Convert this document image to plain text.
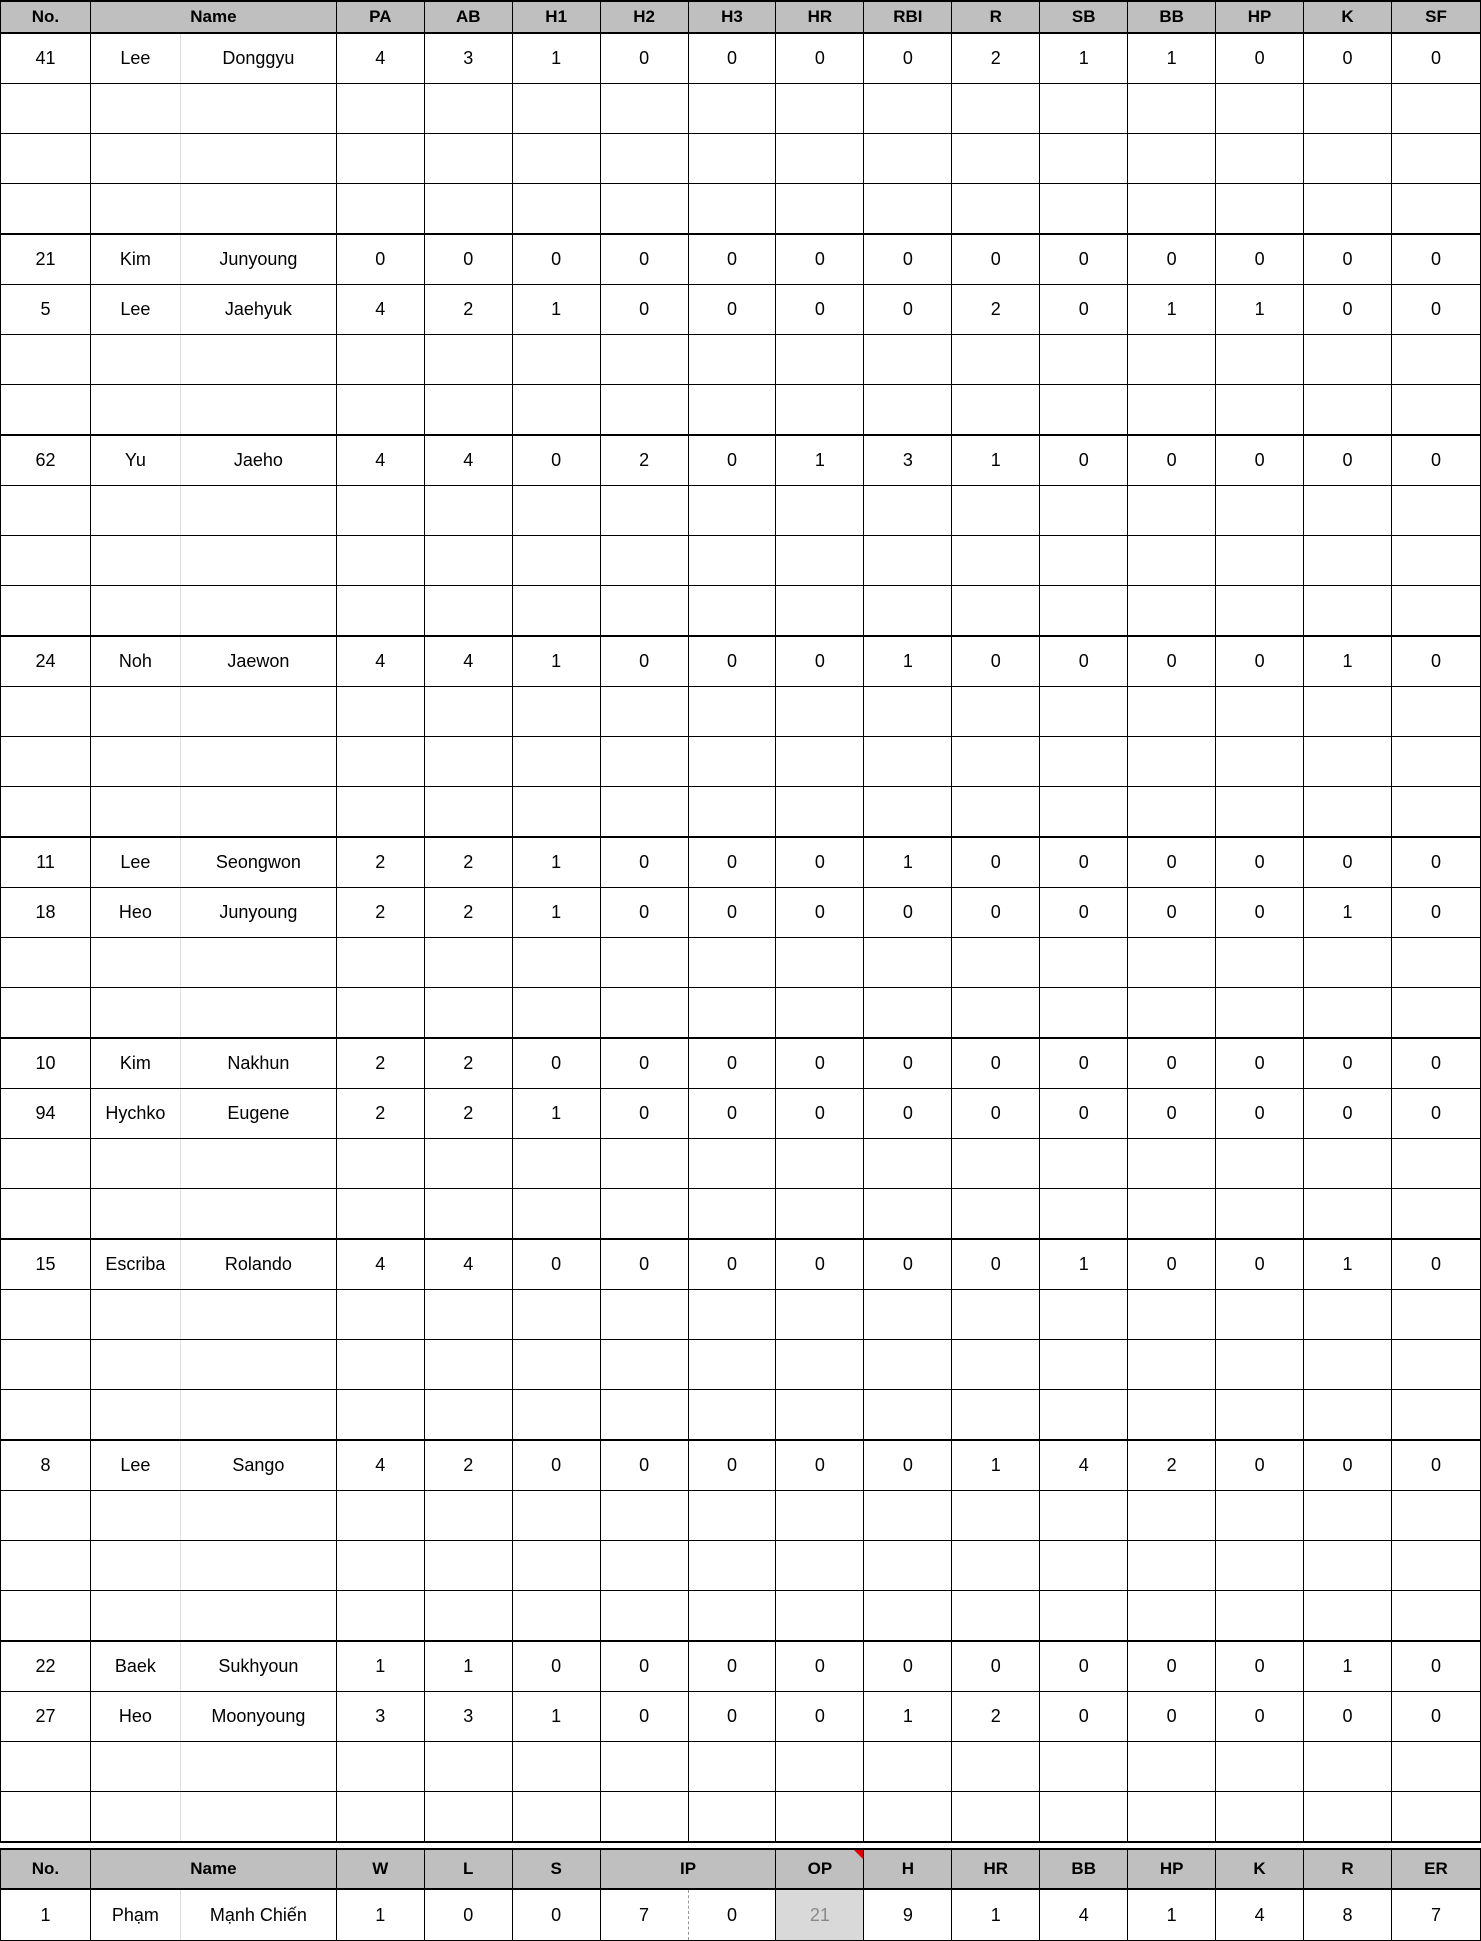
No.	Name		PA	AB	H1	H2	H3	HR	RBI	R	SB	BB	HP	K	SF
41	Lee	Donggyu	4	3	1	0	0	0	0	2	1	1	0	0	0

21	Kim	Junyoung	0	0	0	0	0	0	0	0	0	0	0	0	0
5	Lee	Jaehyuk	4	2	1	0	0	0	0	2	0	1	1	0	0

62	Yu	Jaeho	4	4	0	2	0	1	3	1	0	0	0	0	0

24	Noh	Jaewon	4	4	1	0	0	0	1	0	0	0	0	1	0

11	Lee	Seongwon	2	2	1	0	0	0	1	0	0	0	0	0	0
18	Heo	Junyoung	2	2	1	0	0	0	0	0	0	0	0	1	0

10	Kim	Nakhun	2	2	0	0	0	0	0	0	0	0	0	0	0
94	Hychko	Eugene	2	2	1	0	0	0	0	0	0	0	0	0	0

15	Escriba	Rolando	4	4	0	0	0	0	0	0	1	0	0	1	0

8	Lee	Sango	4	2	0	0	0	0	0	1	4	2	0	0	0

22	Baek	Sukhyoun	1	1	0	0	0	0	0	0	0	0	0	1	0
27	Heo	Moonyoung	3	3	1	0	0	0	1	2	0	0	0	0	0

No.	Name		W	L	S	IP		OP	H	HR	BB	HP	K	R	ER
1	Phạm	Mạnh Chiến	1	0	0	7	0	21	9	1	4	1	4	8	7
